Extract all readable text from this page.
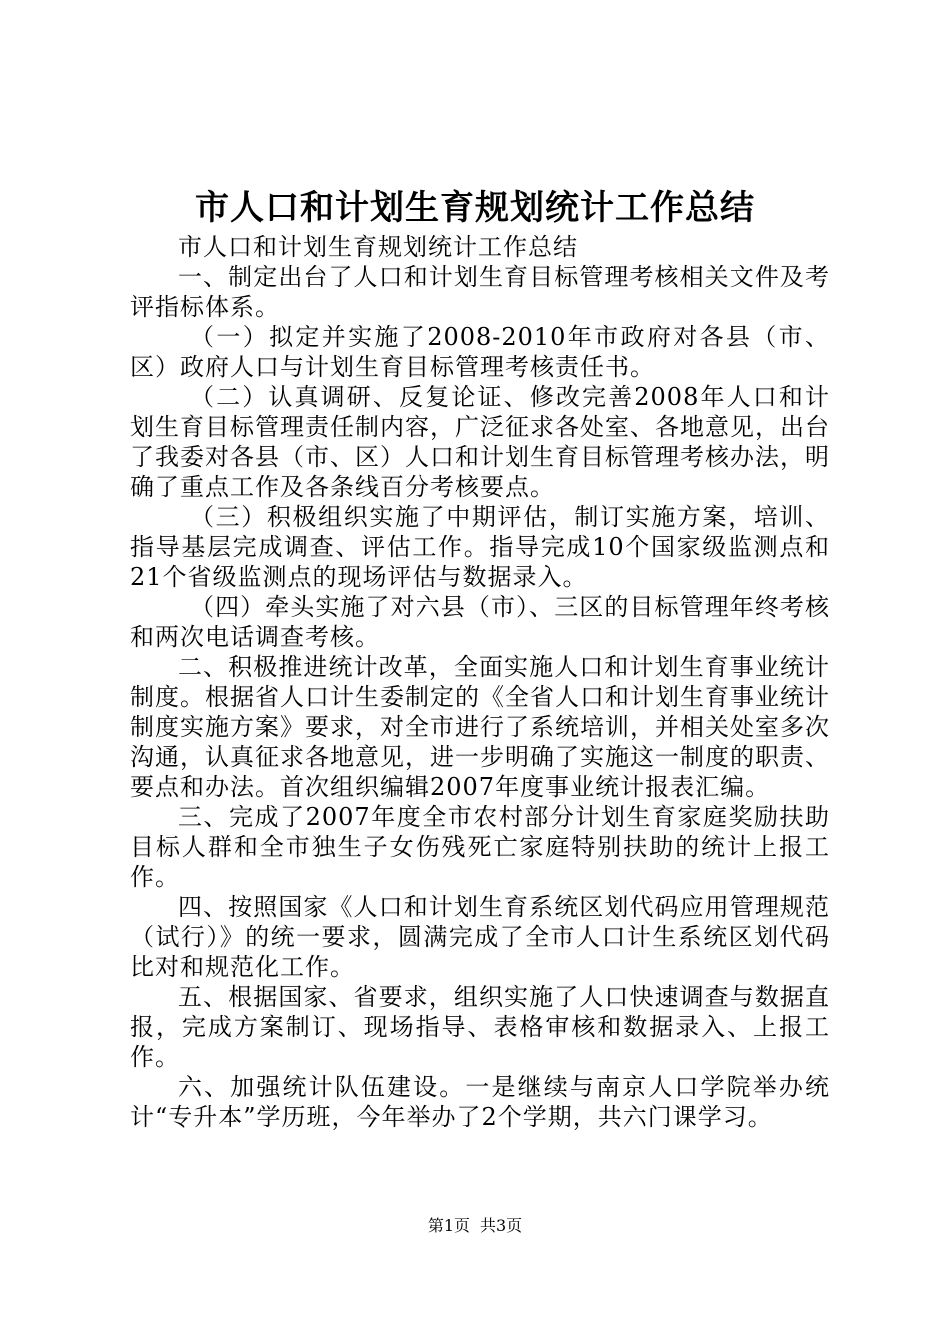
市人口和计划生育规划统计工作总结

市人口和计划生育规划统计工作总结

一、制定出台了人口和计划生育目标管理考核相关文件及考评指标体系。

（一）拟定并实施了2008-2010年市政府对各县（市、区）政府人口与计划生育目标管理考核责任书。

（二）认真调研、反复论证、修改完善2008年人口和计划生育目标管理责任制内容，广泛征求各处室、各地意见，出台了我委对各县（市、区）人口和计划生育目标管理考核办法，明确了重点工作及各条线百分考核要点。

（三）积极组织实施了中期评估，制订实施方案，培训、指导基层完成调查、评估工作。指导完成10个国家级监测点和21个省级监测点的现场评估与数据录入。

（四）牵头实施了对六县（市）、三区的目标管理年终考核和两次电话调查考核。

二、积极推进统计改革，全面实施人口和计划生育事业统计制度。根据省人口计生委制定的《全省人口和计划生育事业统计制度实施方案》要求，对全市进行了系统培训，并相关处室多次沟通，认真征求各地意见，进一步明确了实施这一制度的职责、要点和办法。首次组织编辑2007年度事业统计报表汇编。

三、完成了2007年度全市农村部分计划生育家庭奖励扶助目标人群和全市独生子女伤残死亡家庭特别扶助的统计上报工作。

四、按照国家《人口和计划生育系统区划代码应用管理规范（试行）》的统一要求，圆满完成了全市人口计生系统区划代码比对和规范化工作。

五、根据国家、省要求，组织实施了人口快速调查与数据直报，完成方案制订、现场指导、表格审核和数据录入、上报工作。

六、加强统计队伍建设。一是继续与南京人口学院举办统计“专升本”学历班，今年举办了2个学期，共六门课学习。

第1页 共3页
